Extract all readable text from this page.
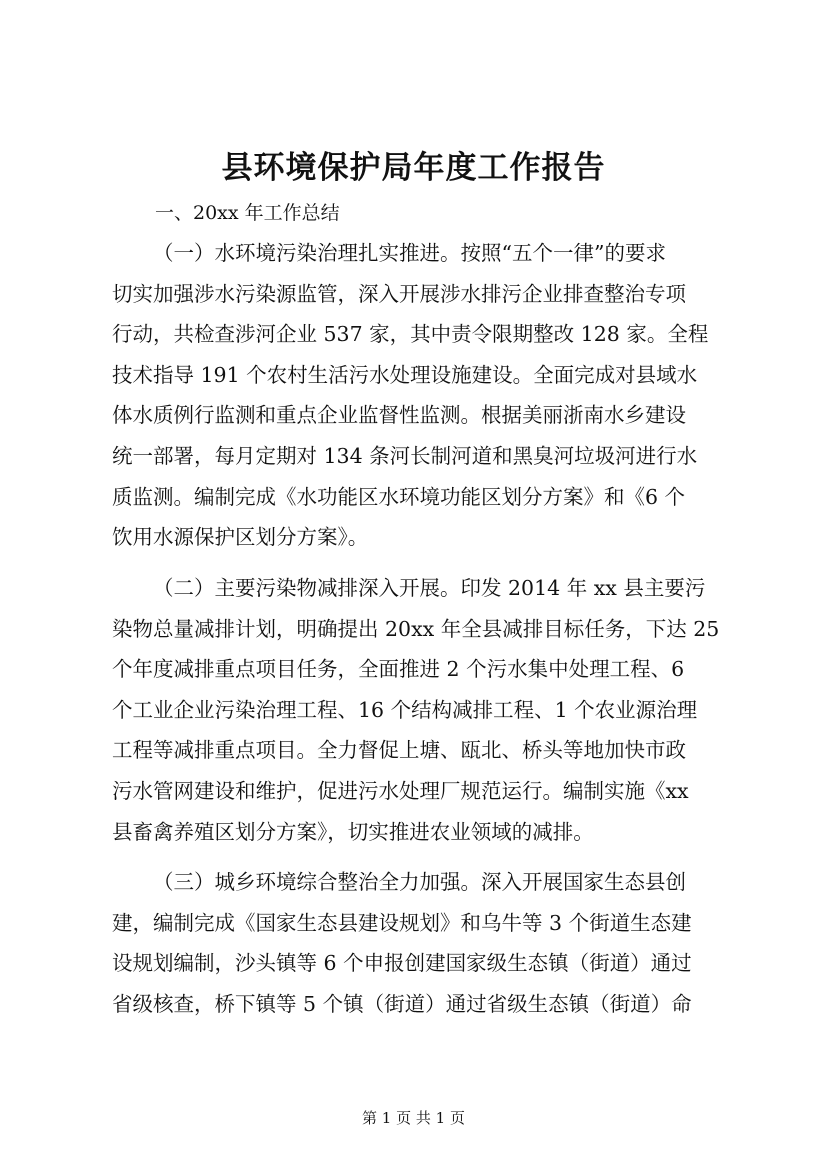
县环境保护局年度工作报告

一、20xx 年工作总结

（一）水环境污染治理扎实推进。按照“五个一律”的要求
切实加强涉水污染源监管，深入开展涉水排污企业排查整治专项
行动，共检查涉河企业 537 家，其中责令限期整改 128 家。全程
技术指导 191 个农村生活污水处理设施建设。全面完成对县域水
体水质例行监测和重点企业监督性监测。根据美丽浙南水乡建设
统一部署，每月定期对 134 条河长制河道和黑臭河垃圾河进行水
质监测。编制完成《水功能区水环境功能区划分方案》和《6 个
饮用水源保护区划分方案》。

（二）主要污染物减排深入开展。印发 2014 年 xx 县主要污
染物总量减排计划，明确提出 20xx 年全县减排目标任务，下达 25
个年度减排重点项目任务，全面推进 2 个污水集中处理工程、6
个工业企业污染治理工程、16 个结构减排工程、1 个农业源治理
工程等减排重点项目。全力督促上塘、瓯北、桥头等地加快市政
污水管网建设和维护，促进污水处理厂规范运行。编制实施《xx
县畜禽养殖区划分方案》，切实推进农业领域的减排。

（三）城乡环境综合整治全力加强。深入开展国家生态县创
建，编制完成《国家生态县建设规划》和乌牛等 3 个街道生态建
设规划编制，沙头镇等 6 个申报创建国家级生态镇（街道）通过
省级核查，桥下镇等 5 个镇（街道）通过省级生态镇（街道）命

第 1 页 共 1 页
